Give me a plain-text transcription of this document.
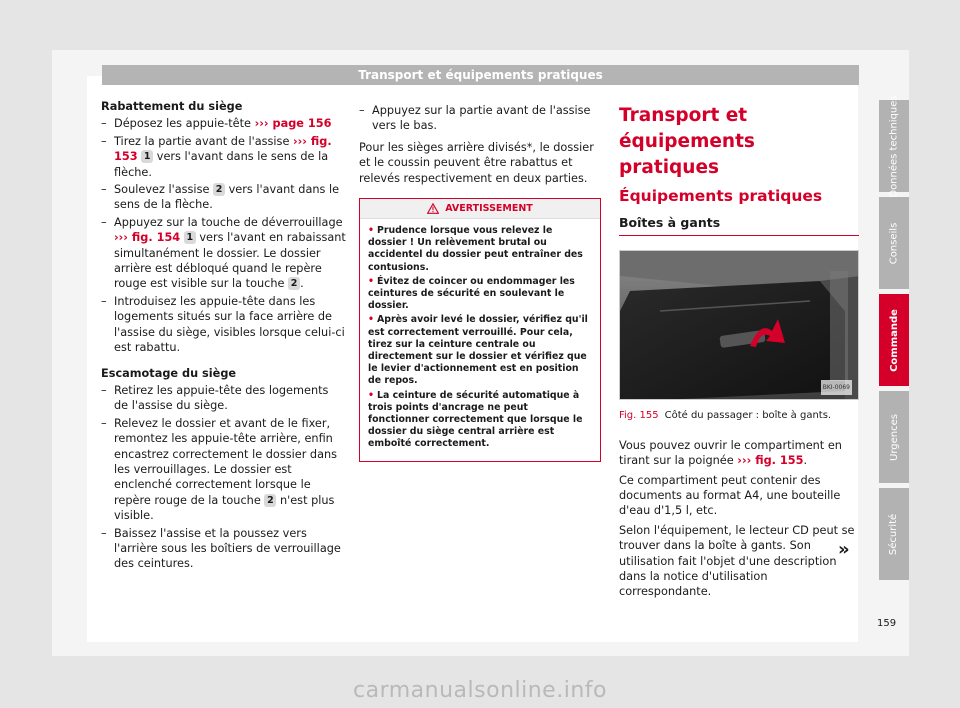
Transport et équipements pratiques
Rabattement du siège
– Déposez les appuie-tête ››› page 156
– Tirez la partie avant de l'assise ››› fig. 153 1 vers l'avant dans le sens de la flèche.
– Soulevez l'assise 2 vers l'avant dans le sens de la flèche.
– Appuyez sur la touche de déverrouillage ››› fig. 154 1 vers l'avant en rabaissant simultanément le dossier. Le dossier arrière est débloqué quand le repère rouge est visible sur la touche 2 .
– Introduisez les appuie-tête dans les logements situés sur la face arrière de l'assise du siège, visibles lorsque celui-ci est rabattu.
Escamotage du siège
– Retirez les appuie-tête des logements de l'assise du siège.
– Relevez le dossier et avant de le fixer, remontez les appuie-tête arrière, enfin encastrez correctement le dossier dans les verrouillages. Le dossier est enclenché correctement lorsque le repère rouge de la touche 2 n'est plus visible.
– Baissez l'assise et la poussez vers l'arrière sous les boîtiers de verrouillage des ceintures.
– Appuyez sur la partie avant de l'assise vers le bas.
Pour les sièges arrière divisés*, le dossier et le coussin peuvent être rabattus et relevés respectivement en deux parties.
AVERTISSEMENT
• Prudence lorsque vous relevez le dossier ! Un relèvement brutal ou accidentel du dossier peut entraîner des contusions.
• Évitez de coincer ou endommager les ceintures de sécurité en soulevant le dossier.
• Après avoir levé le dossier, vérifiez qu'il est correctement verrouillé. Pour cela, tirez sur la ceinture centrale ou directement sur le dossier et vérifiez que le levier d'actionnement est en position de repos.
• La ceinture de sécurité automatique à trois points d'ancrage ne peut fonctionner correctement que lorsque le dossier du siège central arrière est emboîté correctement.
Transport et équipements pratiques
Équipements pratiques
Boîtes à gants
BKI-0069
Fig. 155 Côté du passager : boîte à gants.
Vous pouvez ouvrir le compartiment en tirant sur la poignée ››› fig. 155.
Ce compartiment peut contenir des documents au format A4, une bouteille d'eau d'1,5 l, etc.
Selon l'équipement, le lecteur CD peut se trouver dans la boîte à gants. Son utilisation fait l'objet d'une description dans la notice d'utilisation correspondante.
»
Données techniques
Conseils
Commande
Urgences
Sécurité
159
carmanualsonline.info
